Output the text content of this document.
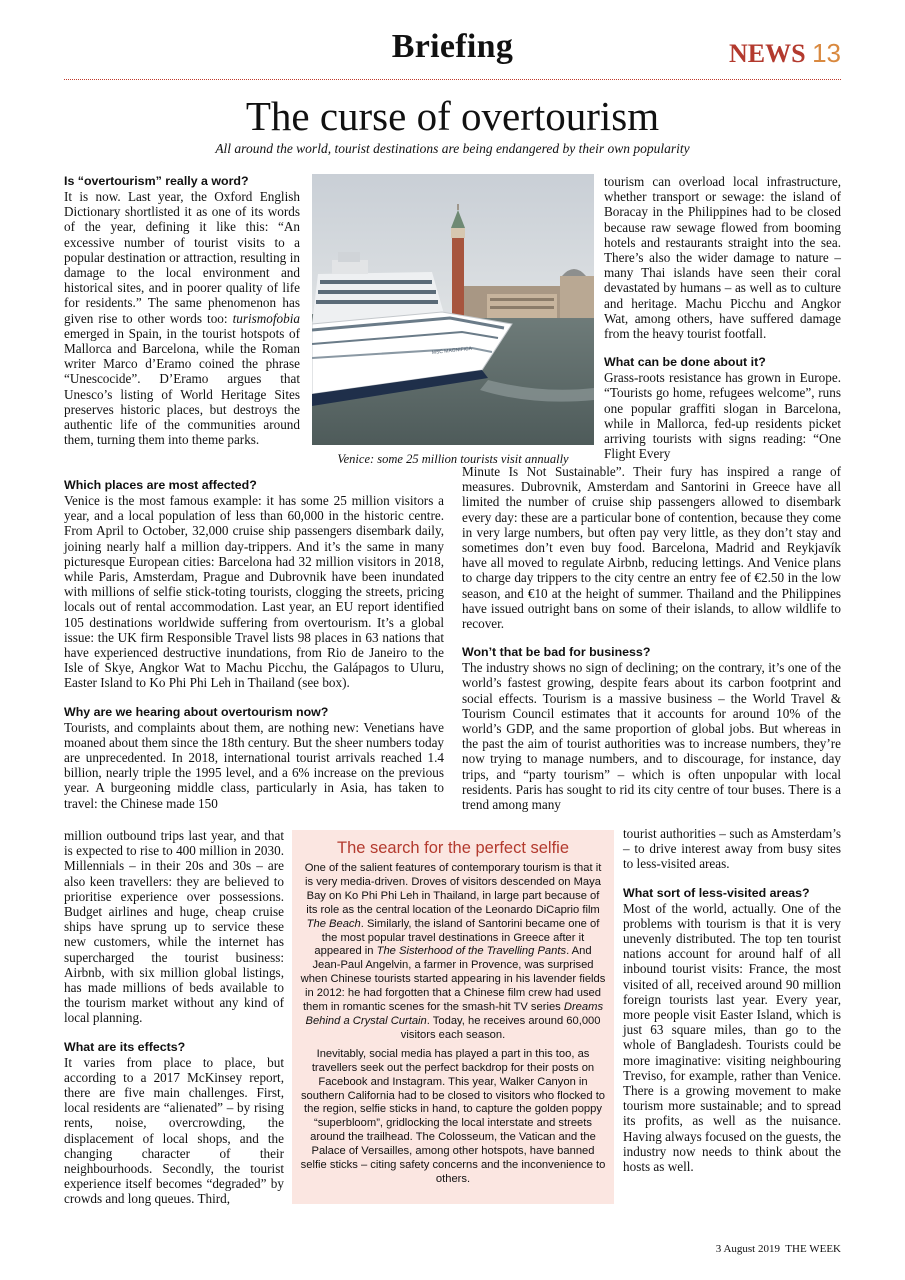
Briefing	NEWS 13
The curse of overtourism
All around the world, tourist destinations are being endangered by their own popularity
Is “overtourism” really a word?

It is now. Last year, the Oxford English Dictionary shortlisted it as one of its words of the year, defining it like this: “An excessive number of tourist visits to a popular destination or attraction, resulting in damage to the local environment and historical sites, and in poorer quality of life for residents.” The same phenomenon has given rise to other words too: turismofobia emerged in Spain, in the tourist hotspots of Mallorca and Barcelona, while the Roman writer Marco d’Eramo coined the phrase “Unescocide”. D’Eramo argues that Unesco’s listing of World Heritage Sites preserves historic places, but destroys the authentic life of the communities around them, turning them into theme parks.

MSC MAGNIFICA
Venice: some 25 million tourists visit annually

tourism can overload local infrastructure, whether transport or sewage: the island of Boracay in the Philippines had to be closed because raw sewage flowed from booming hotels and restaurants straight into the sea. There’s also the wider damage to nature – many Thai islands have seen their coral devastated by humans – as well as to culture and heritage. Machu Picchu and Angkor Wat, among others, have suffered damage from the heavy tourist footfall.

What can be done about it?

Grass-roots resistance has grown in Europe. “Tourists go home, refugees welcome”, runs one popular graffiti slogan in Barcelona, while in Mallorca, fed-up residents picket arriving tourists with signs reading: “One Flight Every

Which places are most affected?

Venice is the most famous example: it has some 25 million visitors a year, and a local population of less than 60,000 in the historic centre. From April to October, 32,000 cruise ship passengers disembark daily, joining nearly half a million day-trippers. And it’s the same in many picturesque European cities: Barcelona had 32 million visitors in 2018, while Paris, Amsterdam, Prague and Dubrovnik have been inundated with millions of selfie stick-toting tourists, clogging the streets, pricing locals out of rental accommodation. Last year, an EU report identified 105 destinations worldwide suffering from overtourism. It’s a global issue: the UK firm Responsible Travel lists 98 places in 63 nations that have experienced destructive inundations, from Rio de Janeiro to the Isle of Skye, Angkor Wat to Machu Picchu, the Galápagos to Uluru, Easter Island to Ko Phi Phi Leh in Thailand (see box).

Why are we hearing about overtourism now?

Tourists, and complaints about them, are nothing new: Venetians have moaned about them since the 18th century. But the sheer numbers today are unprecedented. In 2018, international tourist arrivals reached 1.4 billion, nearly triple the 1995 level, and a 6% increase on the previous year. A burgeoning middle class, particularly in Asia, has taken to travel: the Chinese made 150

million outbound trips last year, and that is expected to rise to 400 million in 2030. Millennials – in their 20s and 30s – are also keen travellers: they are believed to prioritise experience over possessions. Budget airlines and huge, cheap cruise ships have sprung up to service these new customers, while the internet has supercharged the tourist business: Airbnb, with six million global listings, has made millions of beds available to the tourism market without any kind of local planning.

What are its effects?

It varies from place to place, but according to a 2017 McKinsey report, there are five main challenges. First, local residents are “alienated” – by rising rents, noise, overcrowding, the displacement of local shops, and the changing character of their neighbourhoods. Secondly, the tourist experience itself becomes “degraded” by crowds and long queues. Third,

Minute Is Not Sustainable”. Their fury has inspired a range of measures. Dubrovnik, Amsterdam and Santorini in Greece have all limited the number of cruise ship passengers allowed to disembark every day: these are a particular bone of contention, because they come in very large numbers, but often pay very little, as they don’t stay and sometimes don’t even buy food. Barcelona, Madrid and Reykjavík have all moved to regulate Airbnb, reducing lettings. And Venice plans to charge day trippers to the city centre an entry fee of €2.50 in the low season, and €10 at the height of summer. Thailand and the Philippines have issued outright bans on some of their islands, to allow wildlife to recover.

Won’t that be bad for business?

The industry shows no sign of declining; on the contrary, it’s one of the world’s fastest growing, despite fears about its carbon footprint and social effects. Tourism is a massive business – the World Travel & Tourism Council estimates that it accounts for around 10% of the world’s GDP, and the same proportion of global jobs. But whereas in the past the aim of tourist authorities was to increase numbers, they’re now trying to manage numbers, and to discourage, for instance, day trips, and “party tourism” – which is often unpopular with local residents. Paris has sought to rid its city centre of tour buses. There is a trend among many

tourist authorities – such as Amsterdam’s – to drive interest away from busy sites to less-visited areas.

What sort of less-visited areas?

Most of the world, actually. One of the problems with tourism is that it is very unevenly distributed. The top ten tourist nations account for around half of all inbound tourist visits: France, the most visited of all, received around 90 million foreign tourists last year. Every year, more people visit Easter Island, which is just 63 square miles, than go to the whole of Bangladesh. Tourists could be more imaginative: visiting neighbouring Treviso, for example, rather than Venice. There is a growing movement to make tourism more sustainable; and to spread its profits, as well as the nuisance. Having always focused on the guests, the industry now needs to think about the hosts as well.

The search for the perfect selfie

One of the salient features of contemporary tourism is that it is very media-driven. Droves of visitors descended on Maya Bay on Ko Phi Phi Leh in Thailand, in large part because of its role as the central location of the Leonardo DiCaprio film The Beach. Similarly, the island of Santorini became one of the most popular travel destinations in Greece after it appeared in The Sisterhood of the Travelling Pants. And Jean-Paul Angelvin, a farmer in Provence, was surprised when Chinese tourists started appearing in his lavender fields in 2012: he had forgotten that a Chinese film crew had used them in romantic scenes for the smash-hit TV series Dreams Behind a Crystal Curtain. Today, he receives around 60,000 visitors each season.

Inevitably, social media has played a part in this too, as travellers seek out the perfect backdrop for their posts on Facebook and Instagram. This year, Walker Canyon in southern California had to be closed to visitors who flocked to the region, selfie sticks in hand, to capture the golden poppy “superbloom”, gridlocking the local interstate and streets around the trailhead. The Colosseum, the Vatican and the Palace of Versailles, among other hotspots, have banned selfie sticks – citing safety concerns and the inconvenience to others.

3 August 2019 THE WEEK
